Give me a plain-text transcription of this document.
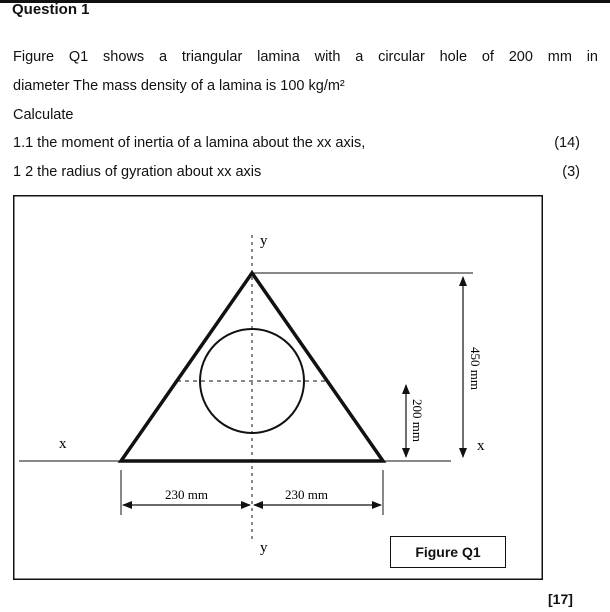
Question 1
Figure Q1 shows a triangular lamina with a circular hole of 200 mm in
diameter The mass density of a lamina is 100 kg/m²
Calculate
1.1 the moment of inertia of a lamina about the xx axis,	(14)
1 2 the radius of gyration about xx axis	(3)
y
y
x	x
230 mm	230 mm
450 mm
200 mm
Figure Q1
[17]
